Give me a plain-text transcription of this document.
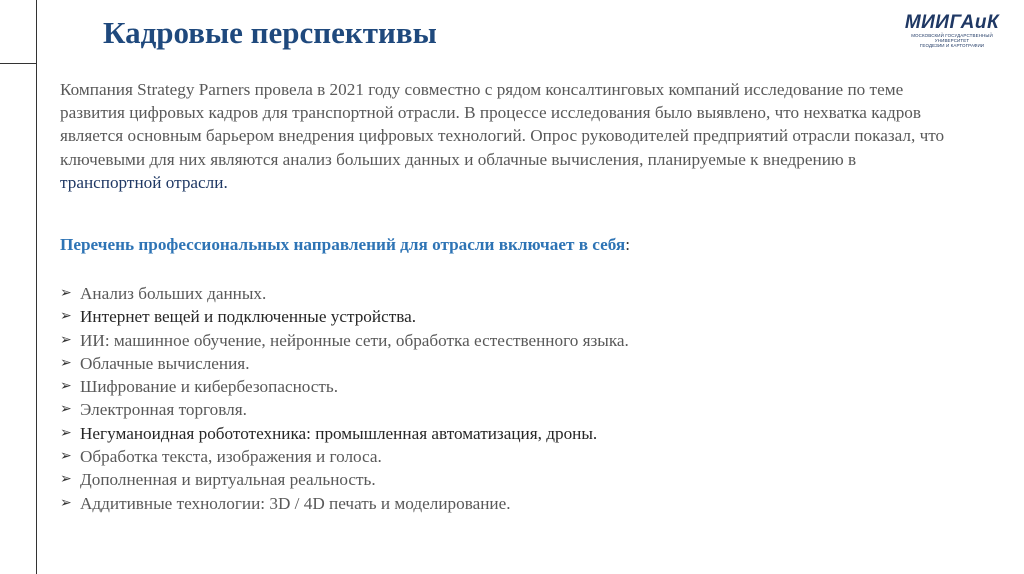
Кадровые перспективы	МИИГАиК
МОСКОВСКИЙ ГОСУДАРСТВЕННЫЙ УНИВЕРСИТЕТ
ГЕОДЕЗИИ И КАРТОГРАФИИ

Компания Strategy Parners провела в 2021 году совместно с рядом консалтинговых компаний исследование по теме развития цифровых кадров для транспортной отрасли. В процессе исследования было выявлено, что нехватка кадров является основным барьером внедрения цифровых технологий. Опрос руководителей предприятий отрасли показал, что ключевыми для них являются анализ больших данных и облачные вычисления, планируемые к внедрению в транспортной отрасли.

Перечень профессиональных направлений для отрасли включает в себя:

➢ Анализ больших данных.
➢ Интернет вещей и подключенные устройства.
➢ ИИ: машинное обучение, нейронные сети, обработка естественного языка.
➢ Облачные вычисления.
➢ Шифрование и кибербезопасность.
➢ Электронная торговля.
➢ Негуманоидная робототехника: промышленная автоматизация, дроны.
➢ Обработка текста, изображения и голоса.
➢ Дополненная и виртуальная реальность.
➢ Аддитивные технологии: 3D / 4D печать и моделирование.
